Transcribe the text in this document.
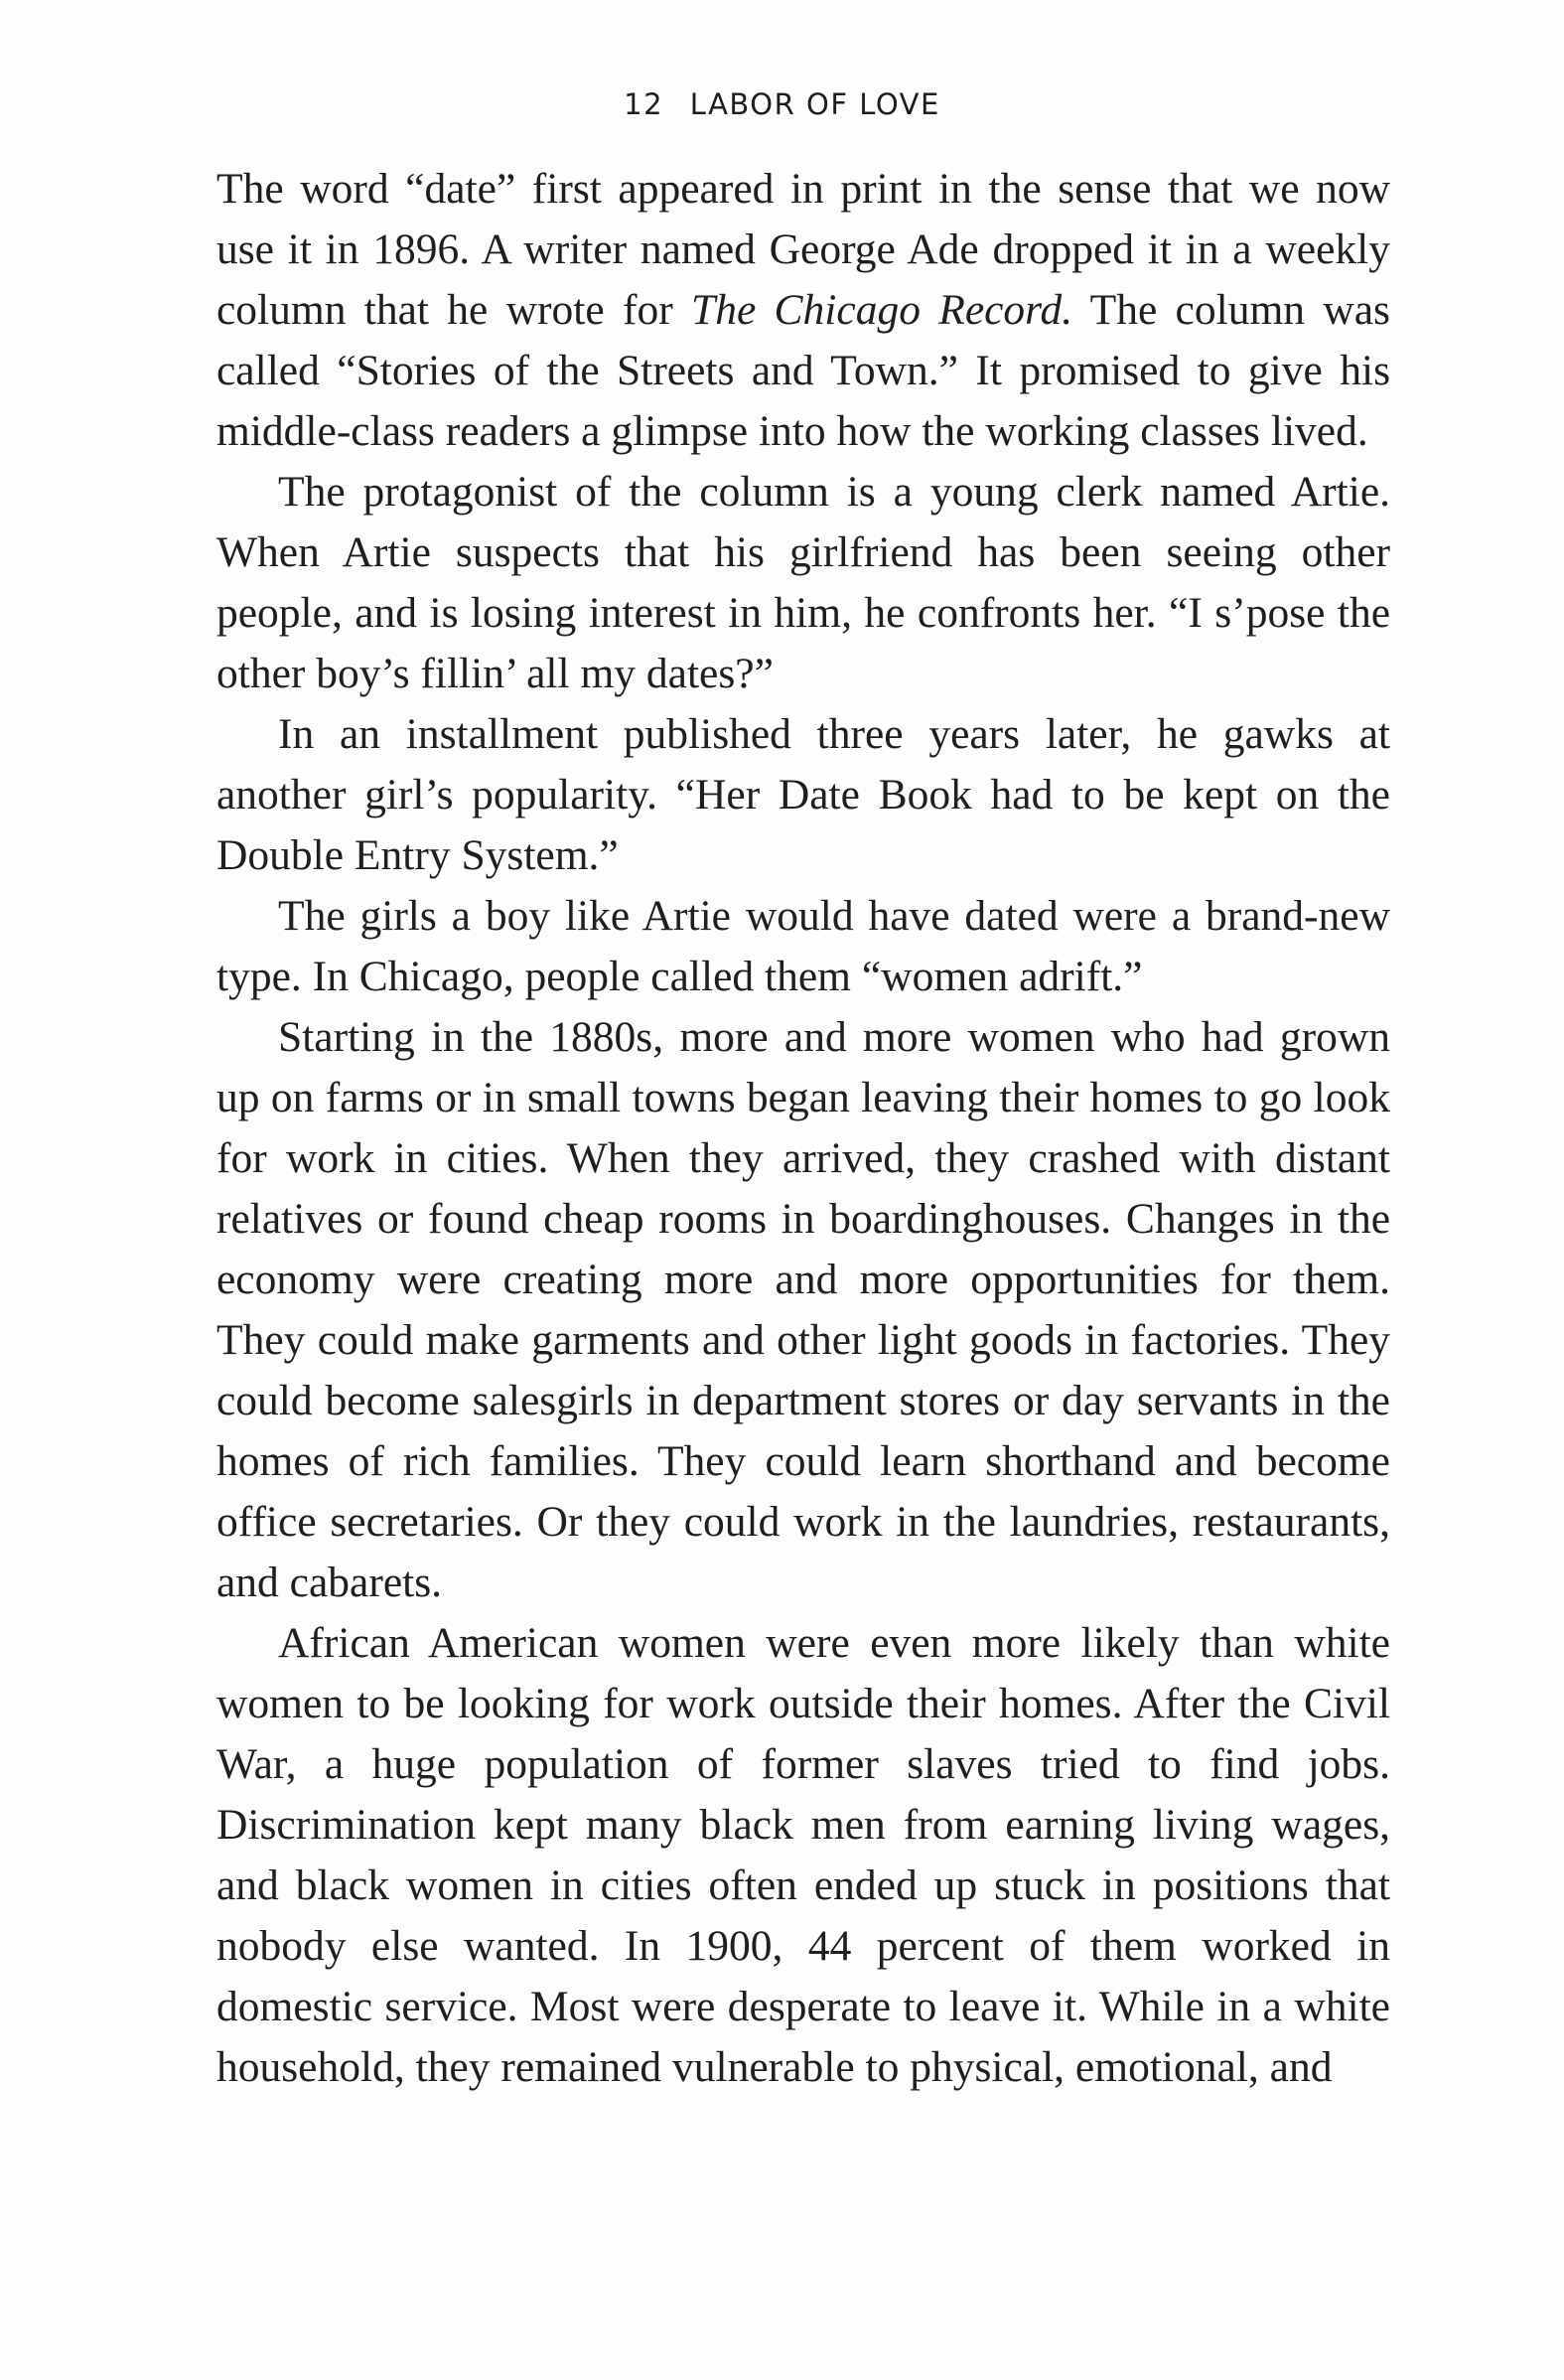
12 LABOR OF LOVE

The word “date” first appeared in print in the sense that we now use it in 1896. A writer named George Ade dropped it in a weekly column that he wrote for The Chicago Record. The column was called “Stories of the Streets and Town.” It promised to give his middle-class readers a glimpse into how the working classes lived.

The protagonist of the column is a young clerk named Artie. When Artie suspects that his girlfriend has been seeing other people, and is losing interest in him, he confronts her. “I s’pose the other boy’s fillin’ all my dates?”

In an installment published three years later, he gawks at another girl’s popularity. “Her Date Book had to be kept on the Double Entry System.”

The girls a boy like Artie would have dated were a brand-new type. In Chicago, people called them “women adrift.”

Starting in the 1880s, more and more women who had grown up on farms or in small towns began leaving their homes to go look for work in cities. When they arrived, they crashed with distant relatives or found cheap rooms in boardinghouses. Changes in the economy were creating more and more opportunities for them. They could make garments and other light goods in factories. They could become salesgirls in department stores or day servants in the homes of rich families. They could learn shorthand and become office secretaries. Or they could work in the laundries, restaurants, and cabarets.

African American women were even more likely than white women to be looking for work outside their homes. After the Civil War, a huge population of former slaves tried to find jobs. Discrimination kept many black men from earning living wages, and black women in cities often ended up stuck in positions that nobody else wanted. In 1900, 44 percent of them worked in domestic service. Most were desperate to leave it. While in a white household, they remained vulnerable to physical, emotional, and
